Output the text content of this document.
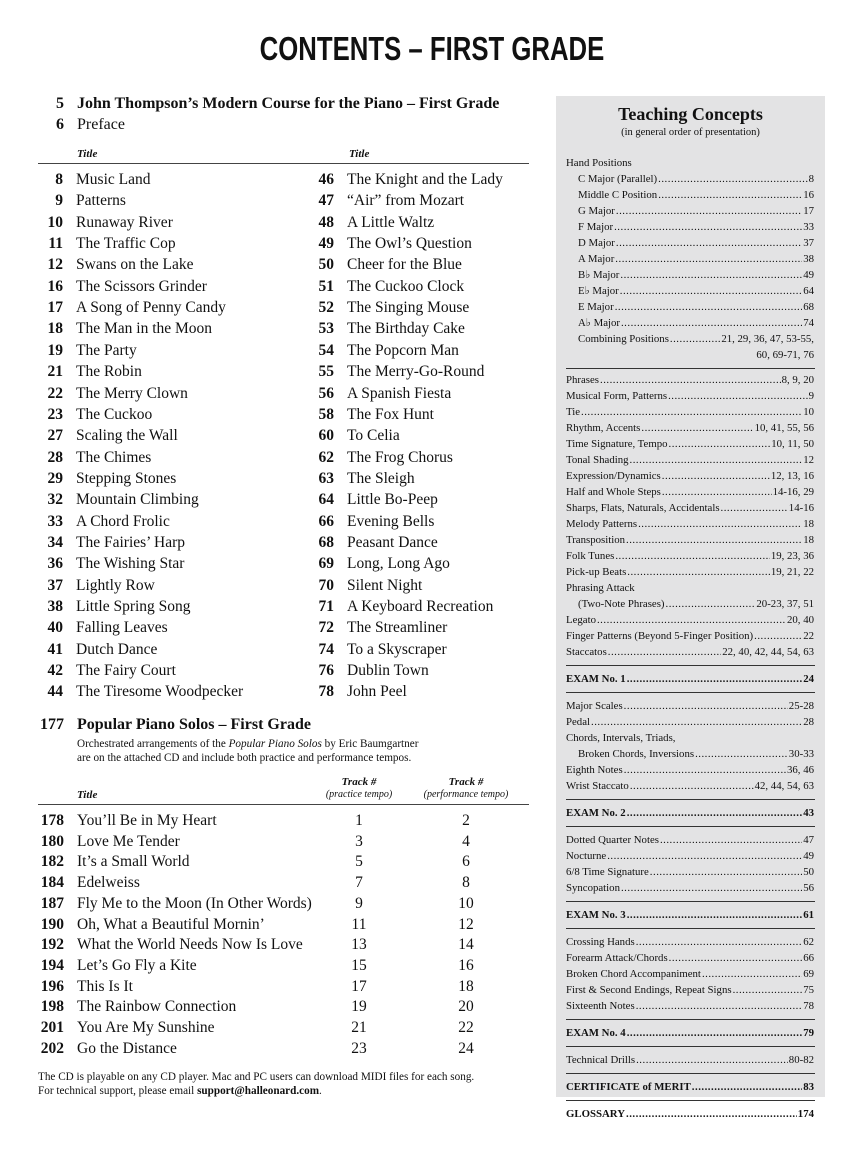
CONTENTS – FIRST GRADE
5 John Thompson’s Modern Course for the Piano – First Grade
6 Preface
Title	Title
8 Music Land
9 Patterns
10 Runaway River
11 The Traffic Cop
12 Swans on the Lake
16 The Scissors Grinder
17 A Song of Penny Candy
18 The Man in the Moon
19 The Party
21 The Robin
22 The Merry Clown
23 The Cuckoo
27 Scaling the Wall
28 The Chimes
29 Stepping Stones
32 Mountain Climbing
33 A Chord Frolic
34 The Fairies’ Harp
36 The Wishing Star
37 Lightly Row
38 Little Spring Song
40 Falling Leaves
41 Dutch Dance
42 The Fairy Court
44 The Tiresome Woodpecker
46 The Knight and the Lady
47 “Air” from Mozart
48 A Little Waltz
49 The Owl’s Question
50 Cheer for the Blue
51 The Cuckoo Clock
52 The Singing Mouse
53 The Birthday Cake
54 The Popcorn Man
55 The Merry-Go-Round
56 A Spanish Fiesta
58 The Fox Hunt
60 To Celia
62 The Frog Chorus
63 The Sleigh
64 Little Bo-Peep
66 Evening Bells
68 Peasant Dance
69 Long, Long Ago
70 Silent Night
71 A Keyboard Recreation
72 The Streamliner
74 To a Skyscraper
76 Dublin Town
78 John Peel
177 Popular Piano Solos – First Grade
Orchestrated arrangements of the Popular Piano Solos by Eric Baumgartner
are on the attached CD and include both practice and performance tempos.
Title
Track #
(practice tempo)
Track #
(performance tempo)
178 You’ll Be in My Heart	1	2
180 Love Me Tender	3	4
182 It’s a Small World	5	6
184 Edelweiss	7	8
187 Fly Me to the Moon (In Other Words)	9	10
190 Oh, What a Beautiful Mornin’	11	12
192 What the World Needs Now Is Love	13	14
194 Let’s Go Fly a Kite	15	16
196 This Is It	17	18
198 The Rainbow Connection	19	20
201 You Are My Sunshine	21	22
202 Go the Distance	23	24
The CD is playable on any CD player. Mac and PC users can download MIDI files for each song.
For technical support, please email support@halleonard.com.
Teaching Concepts
(in general order of presentation)
Hand Positions
C Major (Parallel) .....	8
Middle C Position .....	16
G Major .....	17
F Major .....	33
D Major .....	37
A Major .....	38
B♭ Major .....	49
E♭ Major .....	64
E Major .....	68
A♭ Major .....	74
Combining Positions .....	21, 29, 36, 47, 53-55,
60, 69-71, 76
Phrases .....	8, 9, 20
Musical Form, Patterns .....	9
Tie .....	10
Rhythm, Accents .....	10, 41, 55, 56
Time Signature, Tempo .....	10, 11, 50
Tonal Shading .....	12
Expression/Dynamics .....	12, 13, 16
Half and Whole Steps .....	14-16, 29
Sharps, Flats, Naturals, Accidentals .....	14-16
Melody Patterns .....	18
Transposition .....	18
Folk Tunes .....	19, 23, 36
Pick-up Beats .....	19, 21, 22
Phrasing Attack
(Two-Note Phrases) .....	20-23, 37, 51
Legato .....	20, 40
Finger Patterns (Beyond 5-Finger Position) .....	22
Staccatos .....	22, 40, 42, 44, 54, 63
EXAM No. 1 .....	24
Major Scales .....	25-28
Pedal .....	28
Chords, Intervals, Triads,
Broken Chords, Inversions .....	30-33
Eighth Notes .....	36, 46
Wrist Staccato .....	42, 44, 54, 63
EXAM No. 2 .....	43
Dotted Quarter Notes .....	47
Nocturne .....	49
6/8 Time Signature .....	50
Syncopation .....	56
EXAM No. 3 .....	61
Crossing Hands .....	62
Forearm Attack/Chords .....	66
Broken Chord Accompaniment .....	69
First & Second Endings, Repeat Signs .....	75
Sixteenth Notes .....	78
EXAM No. 4 .....	79
Technical Drills .....	80-82
CERTIFICATE of MERIT .....	83
GLOSSARY .....	174
